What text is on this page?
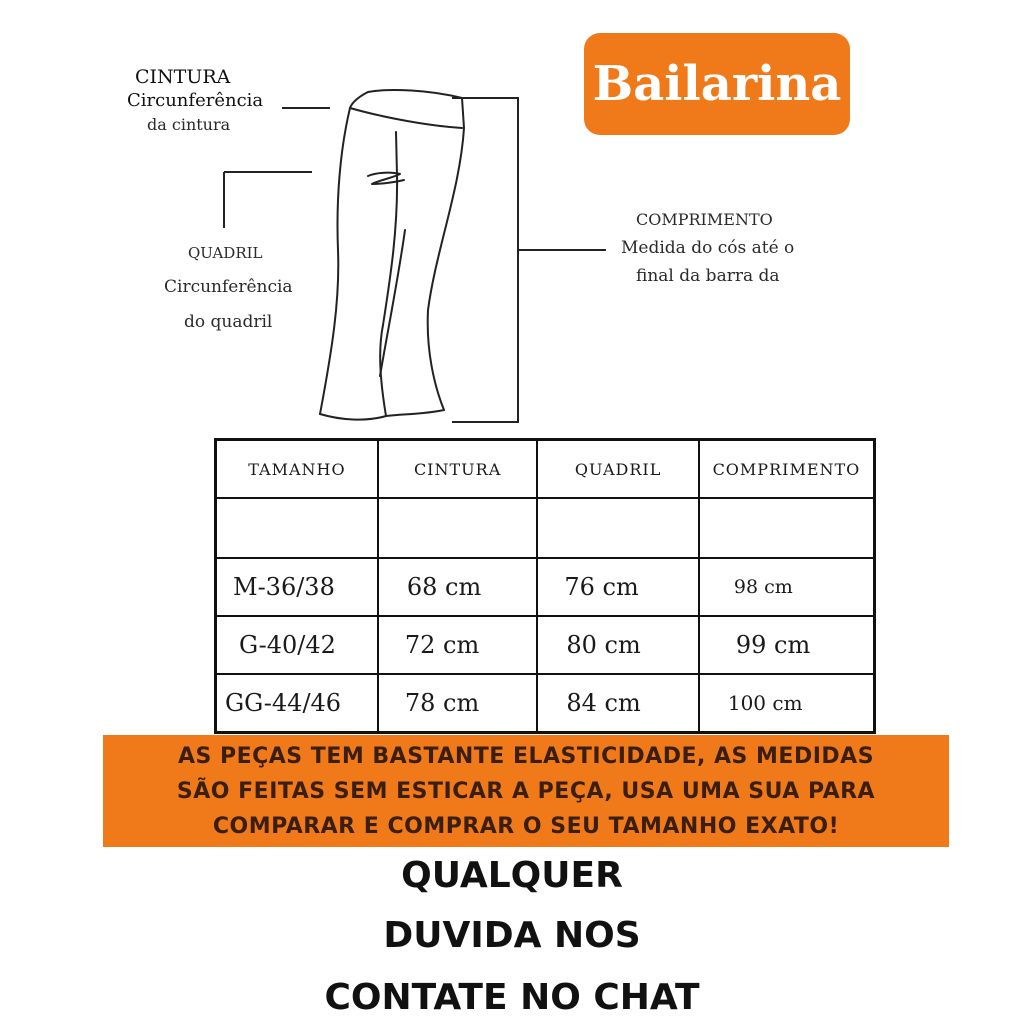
Bailarina
CINTURA
Circunferência
da cintura
QUADRIL
Circunferência
do quadril
COMPRIMENTO
Medida do cós até o
final da barra da
TAMANHO	CINTURA	QUADRIL	COMPRIMENTO

M-36/38	68 cm	76 cm	98 cm
G-40/42	72 cm	80 cm	99 cm
GG-44/46	78 cm	84 cm	100 cm
AS PEÇAS TEM BASTANTE ELASTICIDADE, AS MEDIDAS
SÃO FEITAS SEM ESTICAR A PEÇA, USA UMA SUA PARA
COMPARAR E COMPRAR O SEU TAMANHO EXATO!
QUALQUER
DUVIDA NOS
CONTATE NO CHAT
